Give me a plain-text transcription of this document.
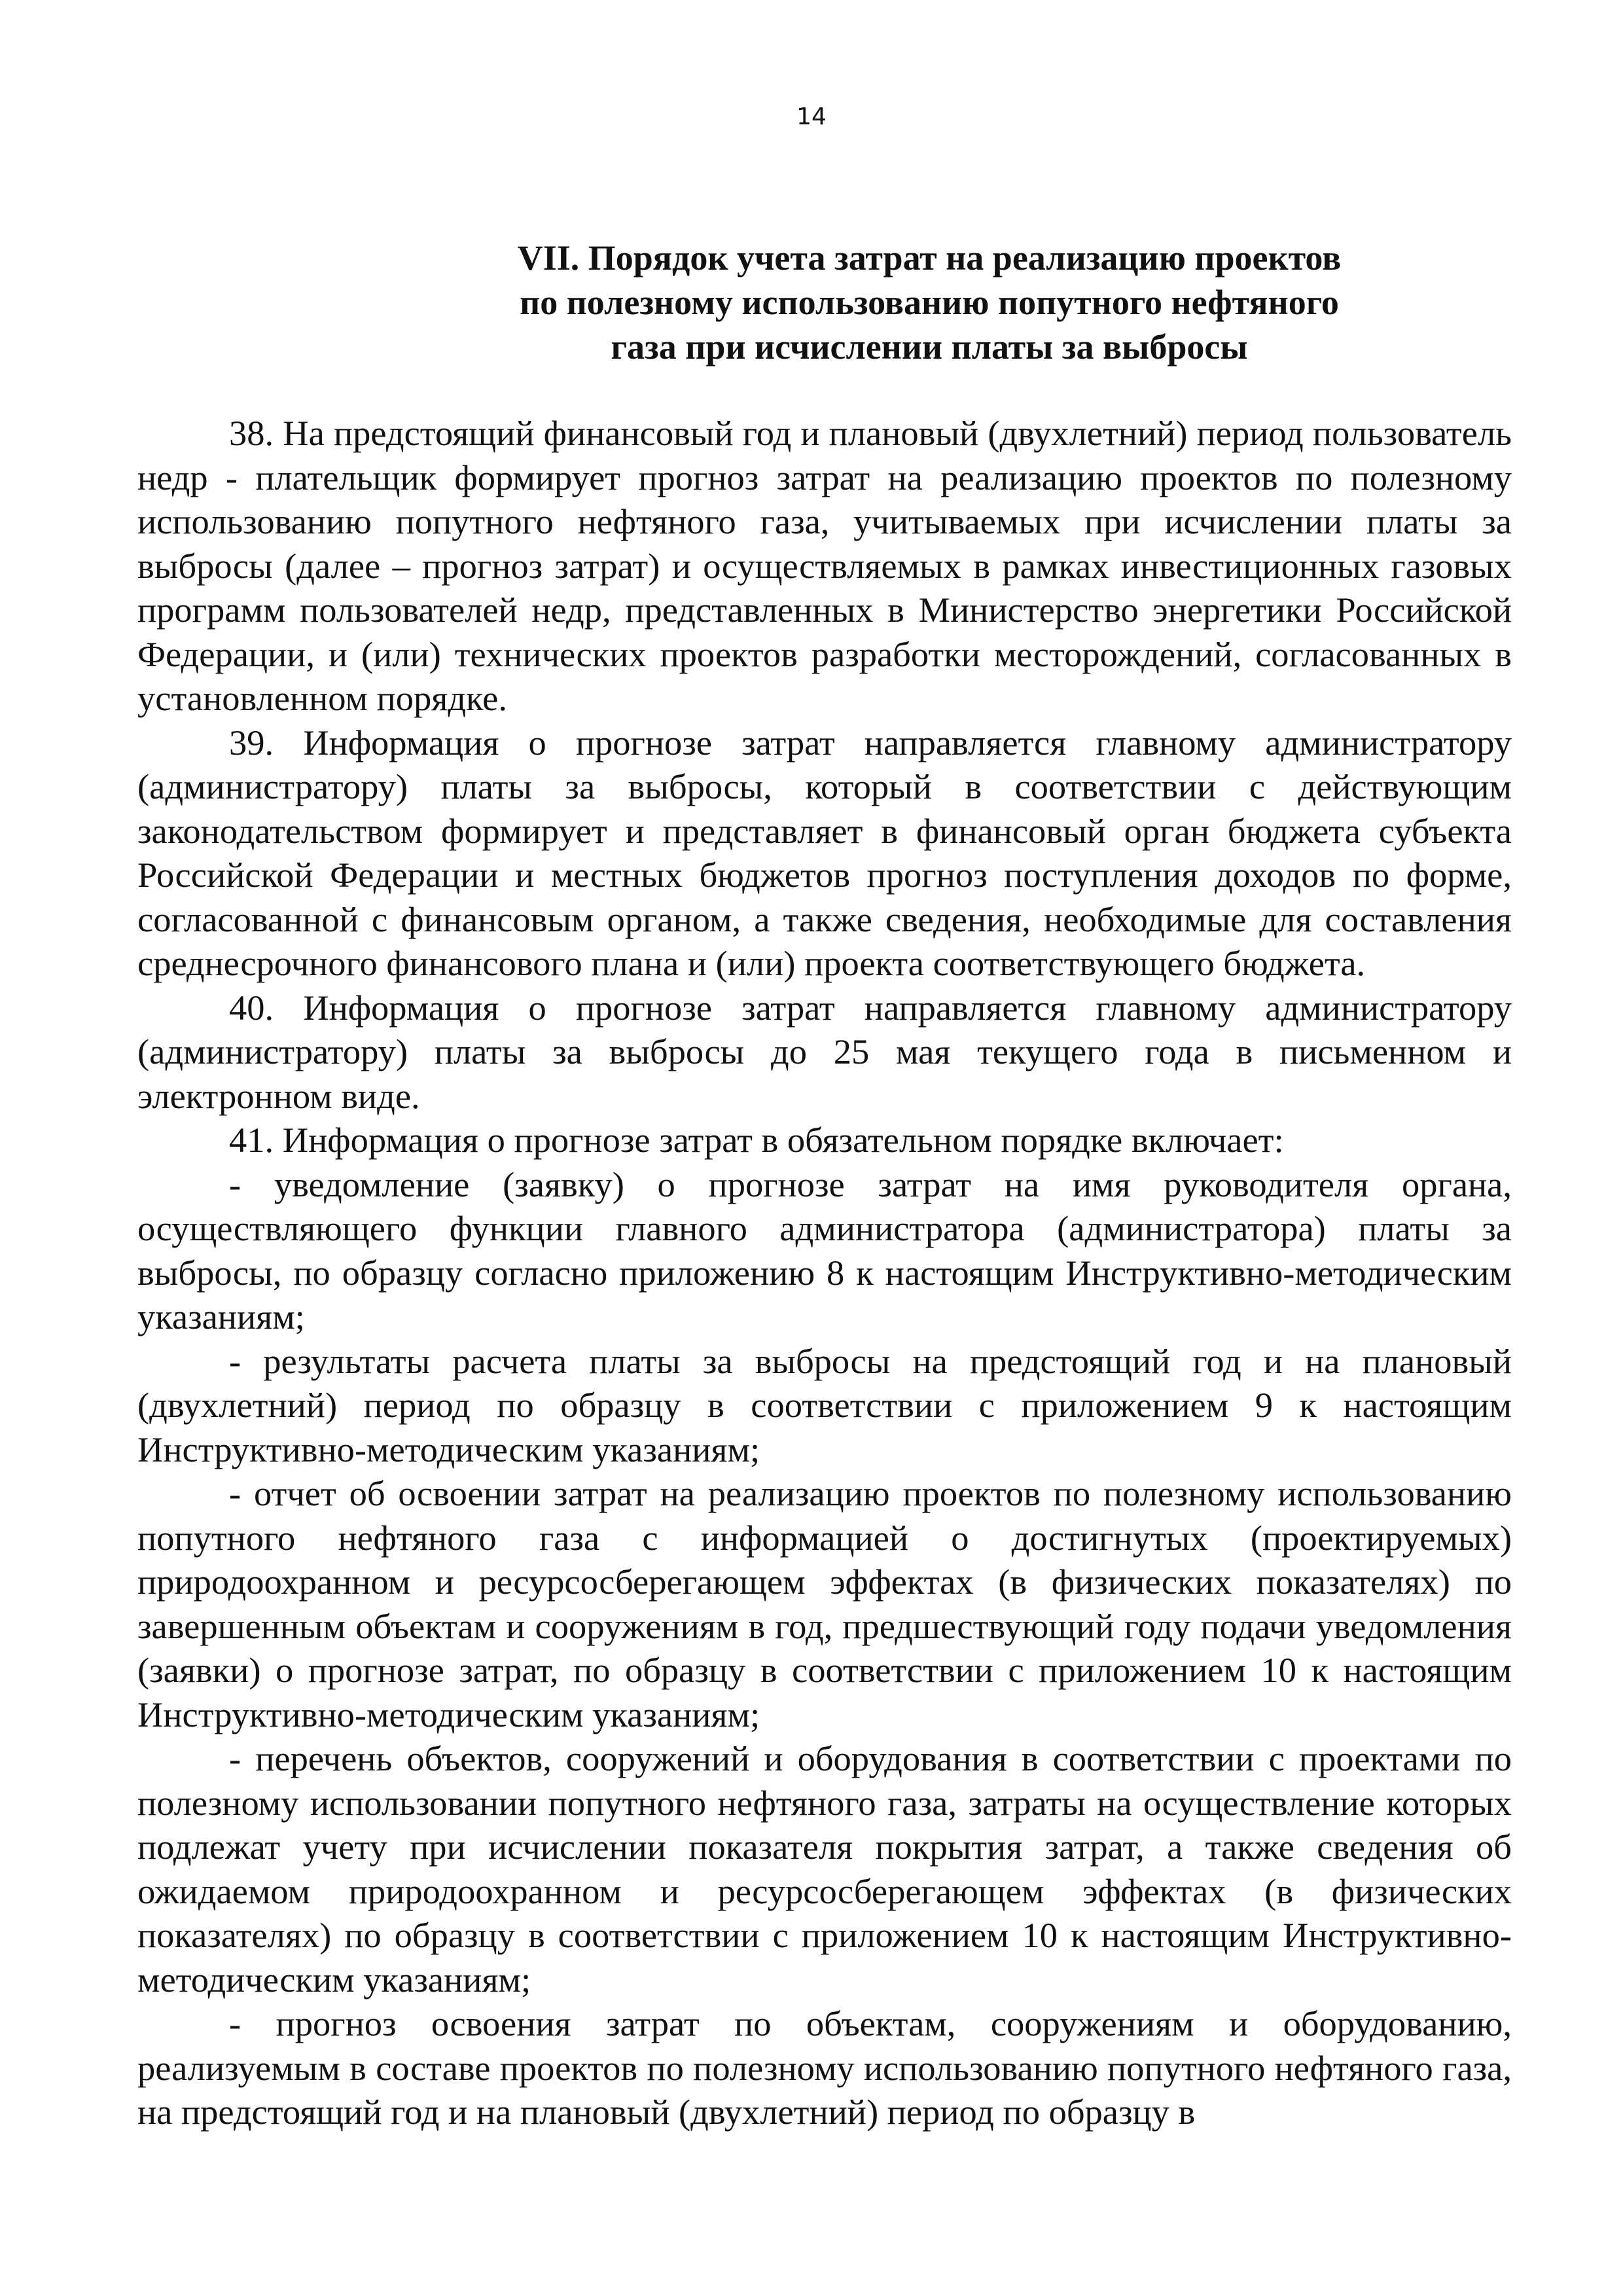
14
VII. Порядок учета затрат на реализацию проектов
по полезному использованию попутного нефтяного
газа при исчислении платы за выбросы

38. На предстоящий финансовый год и плановый (двухлетний) период пользователь недр - плательщик формирует прогноз затрат на реализацию проектов по полезному использованию попутного нефтяного газа, учитываемых при исчислении платы за выбросы (далее – прогноз затрат) и осуществляемых в рамках инвестиционных газовых программ пользователей недр, представленных в Министерство энергетики Российской Федерации, и (или) технических проектов разработки месторождений, согласованных в установленном порядке.

39. Информация о прогнозе затрат направляется главному администратору (администратору) платы за выбросы, который в соответствии с действующим законодательством формирует и представляет в финансовый орган бюджета субъекта Российской Федерации и местных бюджетов прогноз поступления доходов по форме, согласованной с финансовым органом, а также сведения, необходимые для составления среднесрочного финансового плана и (или) проекта соответствующего бюджета.

40. Информация о прогнозе затрат направляется главному администратору (администратору) платы за выбросы до 25 мая текущего года в письменном и электронном виде.

41. Информация о прогнозе затрат в обязательном порядке включает:

- уведомление (заявку) о прогнозе затрат на имя руководителя органа, осуществляющего функции главного администратора (администратора) платы за выбросы, по образцу согласно приложению 8 к настоящим Инструктивно-методическим указаниям;

- результаты расчета платы за выбросы на предстоящий год и на плановый (двухлетний) период по образцу в соответствии с приложением 9 к настоящим Инструктивно-методическим указаниям;

- отчет об освоении затрат на реализацию проектов по полезному использованию попутного нефтяного газа с информацией о достигнутых (проектируемых) природоохранном и ресурсосберегающем эффектах (в физических показателях) по завершенным объектам и сооружениям в год, предшествующий году подачи уведомления (заявки) о прогнозе затрат, по образцу в соответствии с приложением 10 к настоящим Инструктивно-методическим указаниям;

- перечень объектов, сооружений и оборудования в соответствии с проектами по полезному использовании попутного нефтяного газа, затраты на осуществление которых подлежат учету при исчислении показателя покрытия затрат, а также сведения об ожидаемом природоохранном и ресурсосберегающем эффектах (в физических показателях) по образцу в соответствии с приложением 10 к настоящим Инструктивно-методическим указаниям;

- прогноз освоения затрат по объектам, сооружениям и оборудованию, реализуемым в составе проектов по полезному использованию попутного нефтяного газа, на предстоящий год и на плановый (двухлетний) период по образцу в
